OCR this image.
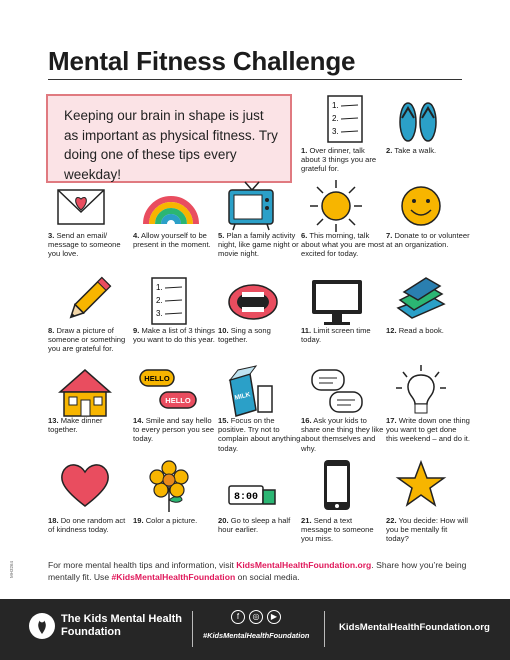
Mental Fitness Challenge
Keeping our brain in shape is just as important as physical fitness. Try doing one of these tips every weekday!
1.
2.
3.
1. Over dinner, talk about 3 things you are grateful for.
2. Take a walk.
3. Send an email/ message to someone you love.
4. Allow yourself to be present in the moment.
5. Plan a family activity night, like game night or movie night.
6. This morning, talk about what you are most excited for today.
7. Donate to or volunteer at an organization.
8. Draw a picture of someone or something you are grateful for.
1.
2.
3.
9. Make a list of 3 things you want to do this year.
10. Sing a song together.
11. Limit screen time today.
12. Read a book.
13. Make dinner together.
HELLO
HELLO
14. Smile and say hello to every person you see today.
MILK
15. Focus on the positive. Try not to complain about anything today.
16. Ask your kids to share one thing they like about themselves and why.
17. Write down one thing you want to get done this weekend – and do it.
18. Do one random act of kindness today.
19. Color a picture.
8:00
20. Go to sleep a half hour earlier.
21. Send a text message to someone you miss.
22. You decide: How will you be mentally fit today?
For more mental health tips and information, visit KidsMentalHealthFoundation.org. Share how you’re being mentally fit. Use #KidsMentalHealthFoundation on social media.
MH3264
The Kids Mental Health
Foundation
f	◎	▶
#KidsMentalHealthFoundation
KidsMentalHealthFoundation.org
